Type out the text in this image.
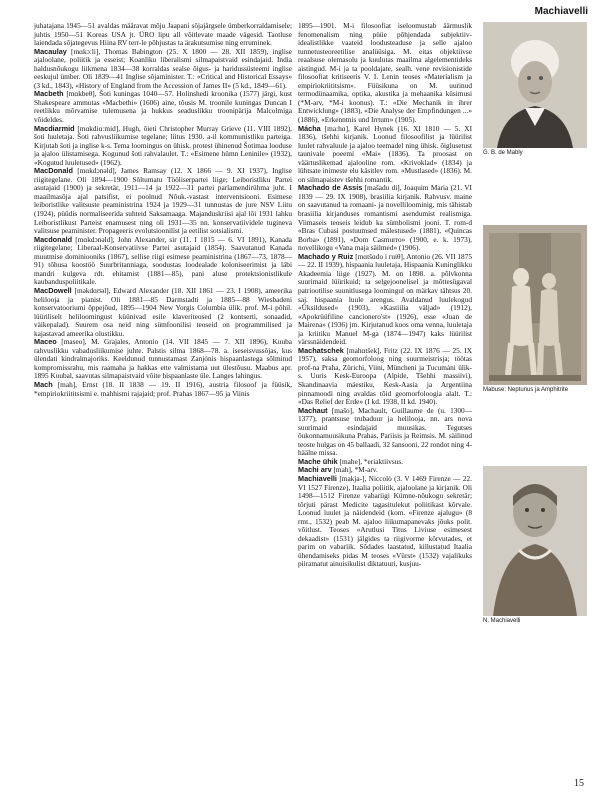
Machiavelli

juhatajana 1945—51 avaldas määravat mõju Jaapani sõjajärgsele ümberkorraldamisele; juhtis 1950—51 Koreas USA jt. ÜRO lipu all võitlevate maade vägesid. Taotluse laiendada sõjategevus Hiina RV terr-le põhjustas ta ärakutsumise ning erruminek.

Macaulay [mɑkɔːli], Thomas Babington (25. X 1800 — 28. XII 1859), inglise ajaloolane, poliitik ja esseist; Koanliku liberalismi silmapaistvaid esindajaid. India haldusnõukogu liikmena 1834—38 korraldas sealse õigus- ja haridussüsteemi inglise eeskujul ümber. Oli 1839—41 Inglise sõjaminister. T.: «Critical and Historical Essays» (3 kd., 1843), «History of England from the Accession of James II» (5 kd., 1849—61).

Macbeth [mɑkbeθ], Šoti kuningas 1040—57. Holinshedi kroonika (1577) järgi, kust Shakespeare ammutas «Macbethi» (1606) aine, tõusis M. troonile kuningas Duncan I reetlikku mõrvamise tulemusena ja hukkus seaduslikku troonipärija Malcolmiga võideldes.

Macdiarmid [mɑkdiɑːmid], Hugh, õieti Christopher Murray Grieve (11. VIII 1892), šoti luuletaja. Šoti rahvusliikumise tegelane; liitus 1930. a-il kommunistliku parteiga. Kirjutab šoti ja inglise k-s. Tema loomingus on ühisk. protest ühinenud Šotimaa looduse ja ajaloo ülistamisega. Kogunud šoti rahvalaulet. T.: «Esimene hümn Leninile» (1932), «Kogutud luuletused» (1962).

MacDonald [mɑkdɔnəld], James Ramsay (12. X 1866 — 9. XI 1937), Inglise riigitegelane. Oli 1894—1900 Sõltumatu Tööliserpartei liige; Leiboristliku Partei asutajaid (1900) ja sekretär, 1911—14 ja 1922—31 partei parlamendirühma juht. I maailmasõja ajal patsifist, ei poolnud Nõuk.-vastast interventsiooni. Esimese leiboristlike valitsuste peaministrina 1924 ja 1929—31 tunnustas de jure NSV Liitu (1924), püüdis normaliseerida suhteid Saksamaaga. Majanduskriisi ajal lõi 1931 lahku Leiboristlikust Parteist enamusest ning oli 1931—35 nn. konservatiividele tugineva valitsuse peaminister. Propageeris evolutsioonilist ja eetilist sotsialismi.

Macdonald [mɑkdɔnəld], John Alexander, sir (11. I 1815 — 6. VI 1891), Kanada riigitegelane; Liberaal-Konservatiivse Partei asutajaid (1854). Saavutanud Kanada muutmise dominiooniks (1867), sellise riigi esimese peaministrina (1867—73, 1878—91) tõhusa koostöö Suurbritanniaga, soodustas loodealade koloniseerimist ja läbi mandri kulgeva rdt. ehitamist (1881—85), pani aluse protektsionistlikule kaubanduspoliitikale.

MacDowell [məkdɑʊəl], Edward Alexander (18. XII 1861 — 23. I 1908), ameerika helilooja ja pianist. Oli 1881—85 Darmstadti ja 1885—88 Wiesbadeni konservatooriumi õppejõud, 1895—1904 New Yorgis Columbia ülik. prof. M-i põhil. lüüriliselt heliloomingust küünivad esile klaveriteosed (2 kontserti, sonaadid, väikepalad). Suurem osa neid ning sümfoonilisi teoseid on programmilised ja kajastavad ameerika olustikku.

Maceo [maseo], M. Grajales, Antonio (14. VII 1845 — 7. XII 1896), Kuuba rahvuslikku vabadusliikumise juhte. Palstis silma 1868—78. a. iseseisvussõjas, kus ülendati kindralmajoriks. Keeldunud tunnustamast Zanjónis hispaanlastega sõlmitud kompromissrahu, mis raamaha ja hakkas ette valmistama uut ülestõusu. Maabus apr. 1895 Kuubal, saavutas silmapaistvaid võite hispaanlaste üle. Langes lahingus.

Mach [mah], Ernst (18. II 1838 — 19. II 1916), austria filosoof ja füüsik, *empiriokriititsismi e. mahhismi rajajaid; prof. Prahas 1867—95 ja Viinis

1895—1901. M-i filosoofiat iseloomustab äärmuslik fenomenalism ning püüe põhjendada subjektiiv-idealistlikke vaateid loodusteaduse ja selle ajaloo tunnetusteoreetilise analüüsiga. M. eitas objektiivse reaalsuse olemasolu ja kuulutas maailma algelementideks aistingud. M-i ja ta pooldajate, sealh. vene revisionistide filosoofiat kritiseeris V. I. Lenin teoses «Materialism ja empiriokriititsism». Füüsikuna on M. uurinud termodünaamika, optika, akustika ja mehaanika küsimusi (*M-arv, *M-i koonus). T.: «Die Mechanik in ihrer Entwicklung» (1883), «Die Analyse der Empfindungen ...» (1886), «Erkenntnis und Irrtum» (1905).

Mácha [ma:hɑ], Karel Hynek (16. XI 1810 — 5. XI 1836), tšehhi kirjanik. Loonud filosoofilist ja lüürilist luulet rahvaluule ja ajaloo teemadel ning ühisk. õiglusetust taunivale poeemi «Mai» (1836). Ta proosast on väärtuslikemad ajalooline rom. «Krivoklad» (1834) ja lühtsate inimeste elu käsitlev rom. «Mustlased» (1836). M. on silmapaistev tšehhi romantik.

Machado de Assis [mašadu di], Joaquim Maria (21. VI 1839 — 29. IX 1908), brasiilia kirjanik. Rahvusv. maine on saavutanud ta romaani- ja novelliloominig, mis tähistab brasiilia kirjanduses romantismi asendumist realismiga. Viimaseis teoseis leidub ka sümbolismi jooni. T. rom-d «Bras Cubasi postuumsed mälestused» (1881), «Quincas Borba» (1891), «Dom Casmurro» (1900, e. k. 1973), novellikogu «Vana maja säilmed» (1906).

Machado y Ruiz [mɑtšɑdo i ruiθ], Antonio (26. VII 1875 — 22. II 1939), hispaania luuletaja, Hispaania Kuninglikku Akadeemia liige (1927). M. on 1898. a. põlvkonna suurimaid lüürikuid; ta selgejoonelisel ja mõttesügaval patriootilise suunitlusega loomingul on märkav tähtsus 20. saj. hispaania luule arengus. Avaldanud luulekogud «Üksildused» (1903), «Kastiilia väljad» (1912), «Apokrüüfiline cancionero'st» (1926), esse «Juan de Mairena» (1936) jm. Kirjutanud koos oma venna, luuletaja ja kriitiku Manuel M-ga (1874—1947) kaks lüürilist värssnäidendeid.

Machatschek [mahɑtšek], Fritz (22. IX 1876 — 25. IX 1957), saksa geomorfoloog ning suurmeistrisja; töötas prof-na Praha, Zürichi, Viini, Müncheni ja Tucumáni ülik-s. Uuris Kesk-Euroopa (Alpide, Tšehhi massiivi), Skandinaavia mäestiku, Kesk-Aasia ja Argentiina pinnamoodi ning avaldas tõid geomorfoloogia alalt. T.: «Das Relief der Erde» (I kd. 1938, II kd. 1940).

Machaut [mašo], Machault, Guillaume de (u. 1300—1377), prantsuse trubaduur ja helilooja, nn. ars nova suurimaid esindajaid muusikas. Tegutses õukonnamuusikuna Prahas, Pariisis ja Reimsis. M. säilinud teoste hulgas on 45 ballaadi, 32 šansooni, 22 rondot ning 4-häälne missa.

Mache ühik [mahe], *eriaktiivsus.

Machi arv [mah], *M-arv.

Machiavelli [makja-], Niccolò (3. V 1469 Firenze — 22. VI 1527 Firenze), Itaalia poliitik, ajaloolane ja kirjanik. Oli 1498—1512 Firenze vabariigi Kümne-nõukogu sekretär; tõrjuti pärast Medicite tagasitulekut poliitikast kõrvale. Loonud luulet ja näidendeid (kom. «Firenze ajalugu» (8 rmt., 1532) peab M. ajaloo liikumapanevaks jõuks polit. võitlust. Teoses «Arutlusi Titus Liviuse esimesest dekaadist» (1531) jälgides ta riigivorme kõrvutades, et parim on vabariik. Sõdades laastatud, killustatud Itaalia ühendamiseks pidas M teoses «Vürst» (1532) vajalikuks piiramatut ainuisikulist diktatuuri, kusjuu-

G. B. de Mably
Mabuse: Neptunus ja Amphitrite
N. Machiavelli
15
